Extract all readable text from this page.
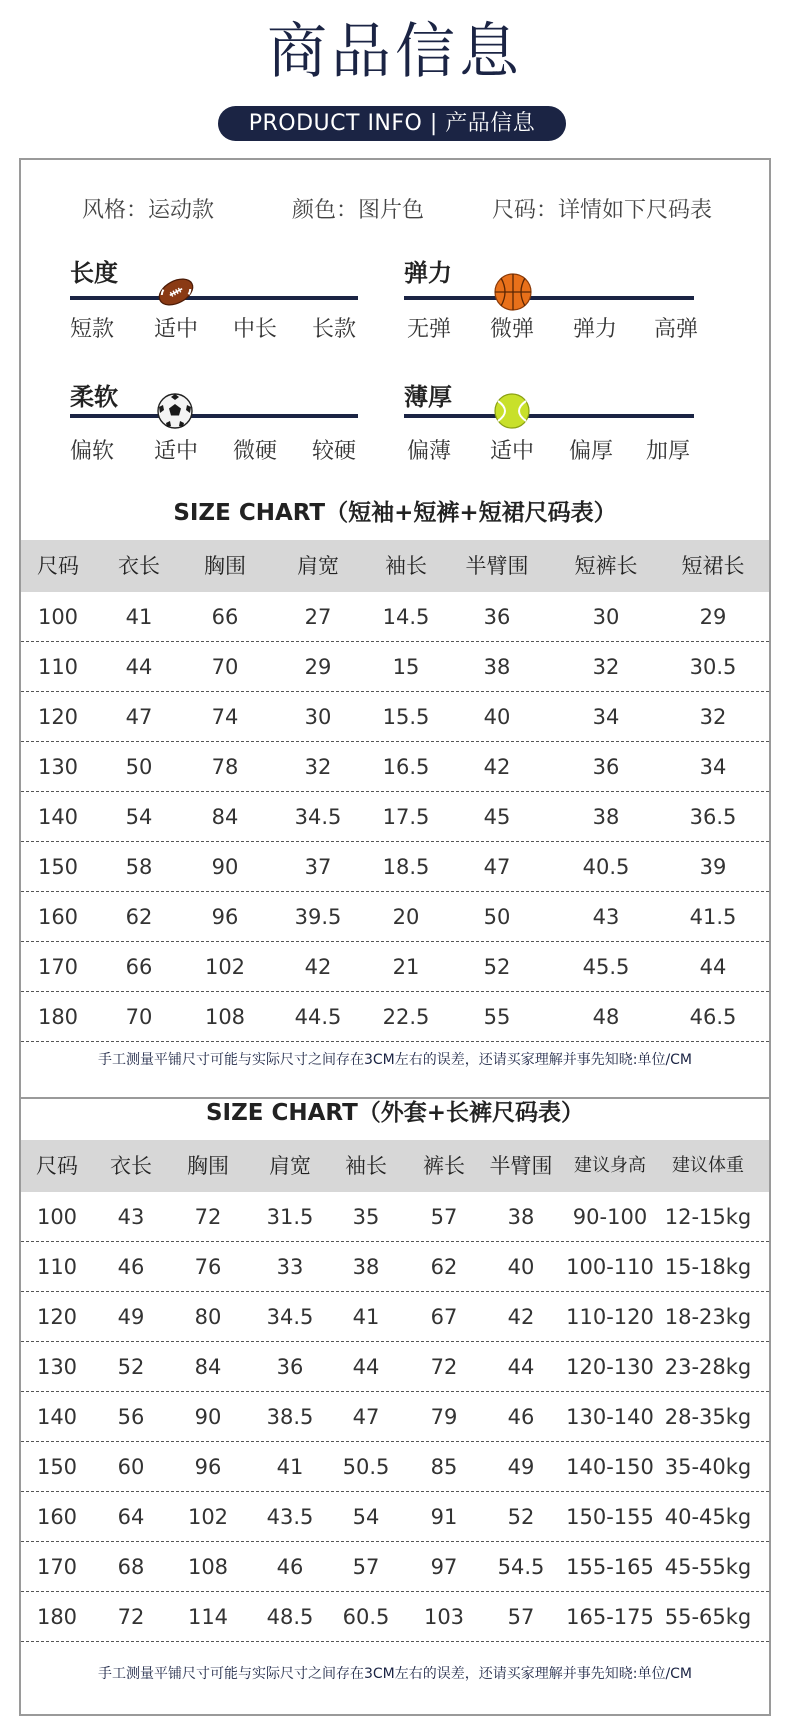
商品信息
PRODUCT INFO | 产品信息
风格：运动款	颜色：图片色	尺码：详情如下尺码表
长度
短款	适中	中长	长款
弹力
无弹	微弹	弹力	高弹
柔软
偏软	适中	微硬	较硬
薄厚
偏薄	适中	偏厚	加厚
SIZE CHART（短袖+短裤+短裙尺码表）
尺码	衣长	胸围	肩宽	袖长	半臂围	短裤长	短裙长
100	41	66	27	14.5	36	30	29
110	44	70	29	15	38	32	30.5
120	47	74	30	15.5	40	34	32
130	50	78	32	16.5	42	36	34
140	54	84	34.5	17.5	45	38	36.5
150	58	90	37	18.5	47	40.5	39
160	62	96	39.5	20	50	43	41.5
170	66	102	42	21	52	45.5	44
180	70	108	44.5	22.5	55	48	46.5
手工测量平铺尺寸可能与实际尺寸之间存在3CM左右的误差，还请买家理解并事先知晓:单位/CM
SIZE CHART（外套+长裤尺码表）
尺码	衣长	胸围	肩宽	袖长	裤长	半臂围	建议身高	建议体重
100	43	72	31.5	35	57	38	90-100 12-15kg
110	46	76	33	38	62	40	100-110 15-18kg
120	49	80	34.5	41	67	42	110-120 18-23kg
130	52	84	36	44	72	44	120-130 23-28kg
140	56	90	38.5	47	79	46	130-140 28-35kg
150	60	96	41	50.5	85	49	140-150 35-40kg
160	64	102	43.5	54	91	52	150-155 40-45kg
170	68	108	46	57	97	54.5	155-165 45-55kg
180	72	114	48.5	60.5	103	57	165-175 55-65kg
手工测量平铺尺寸可能与实际尺寸之间存在3CM左右的误差，还请买家理解并事先知晓:单位/CM
